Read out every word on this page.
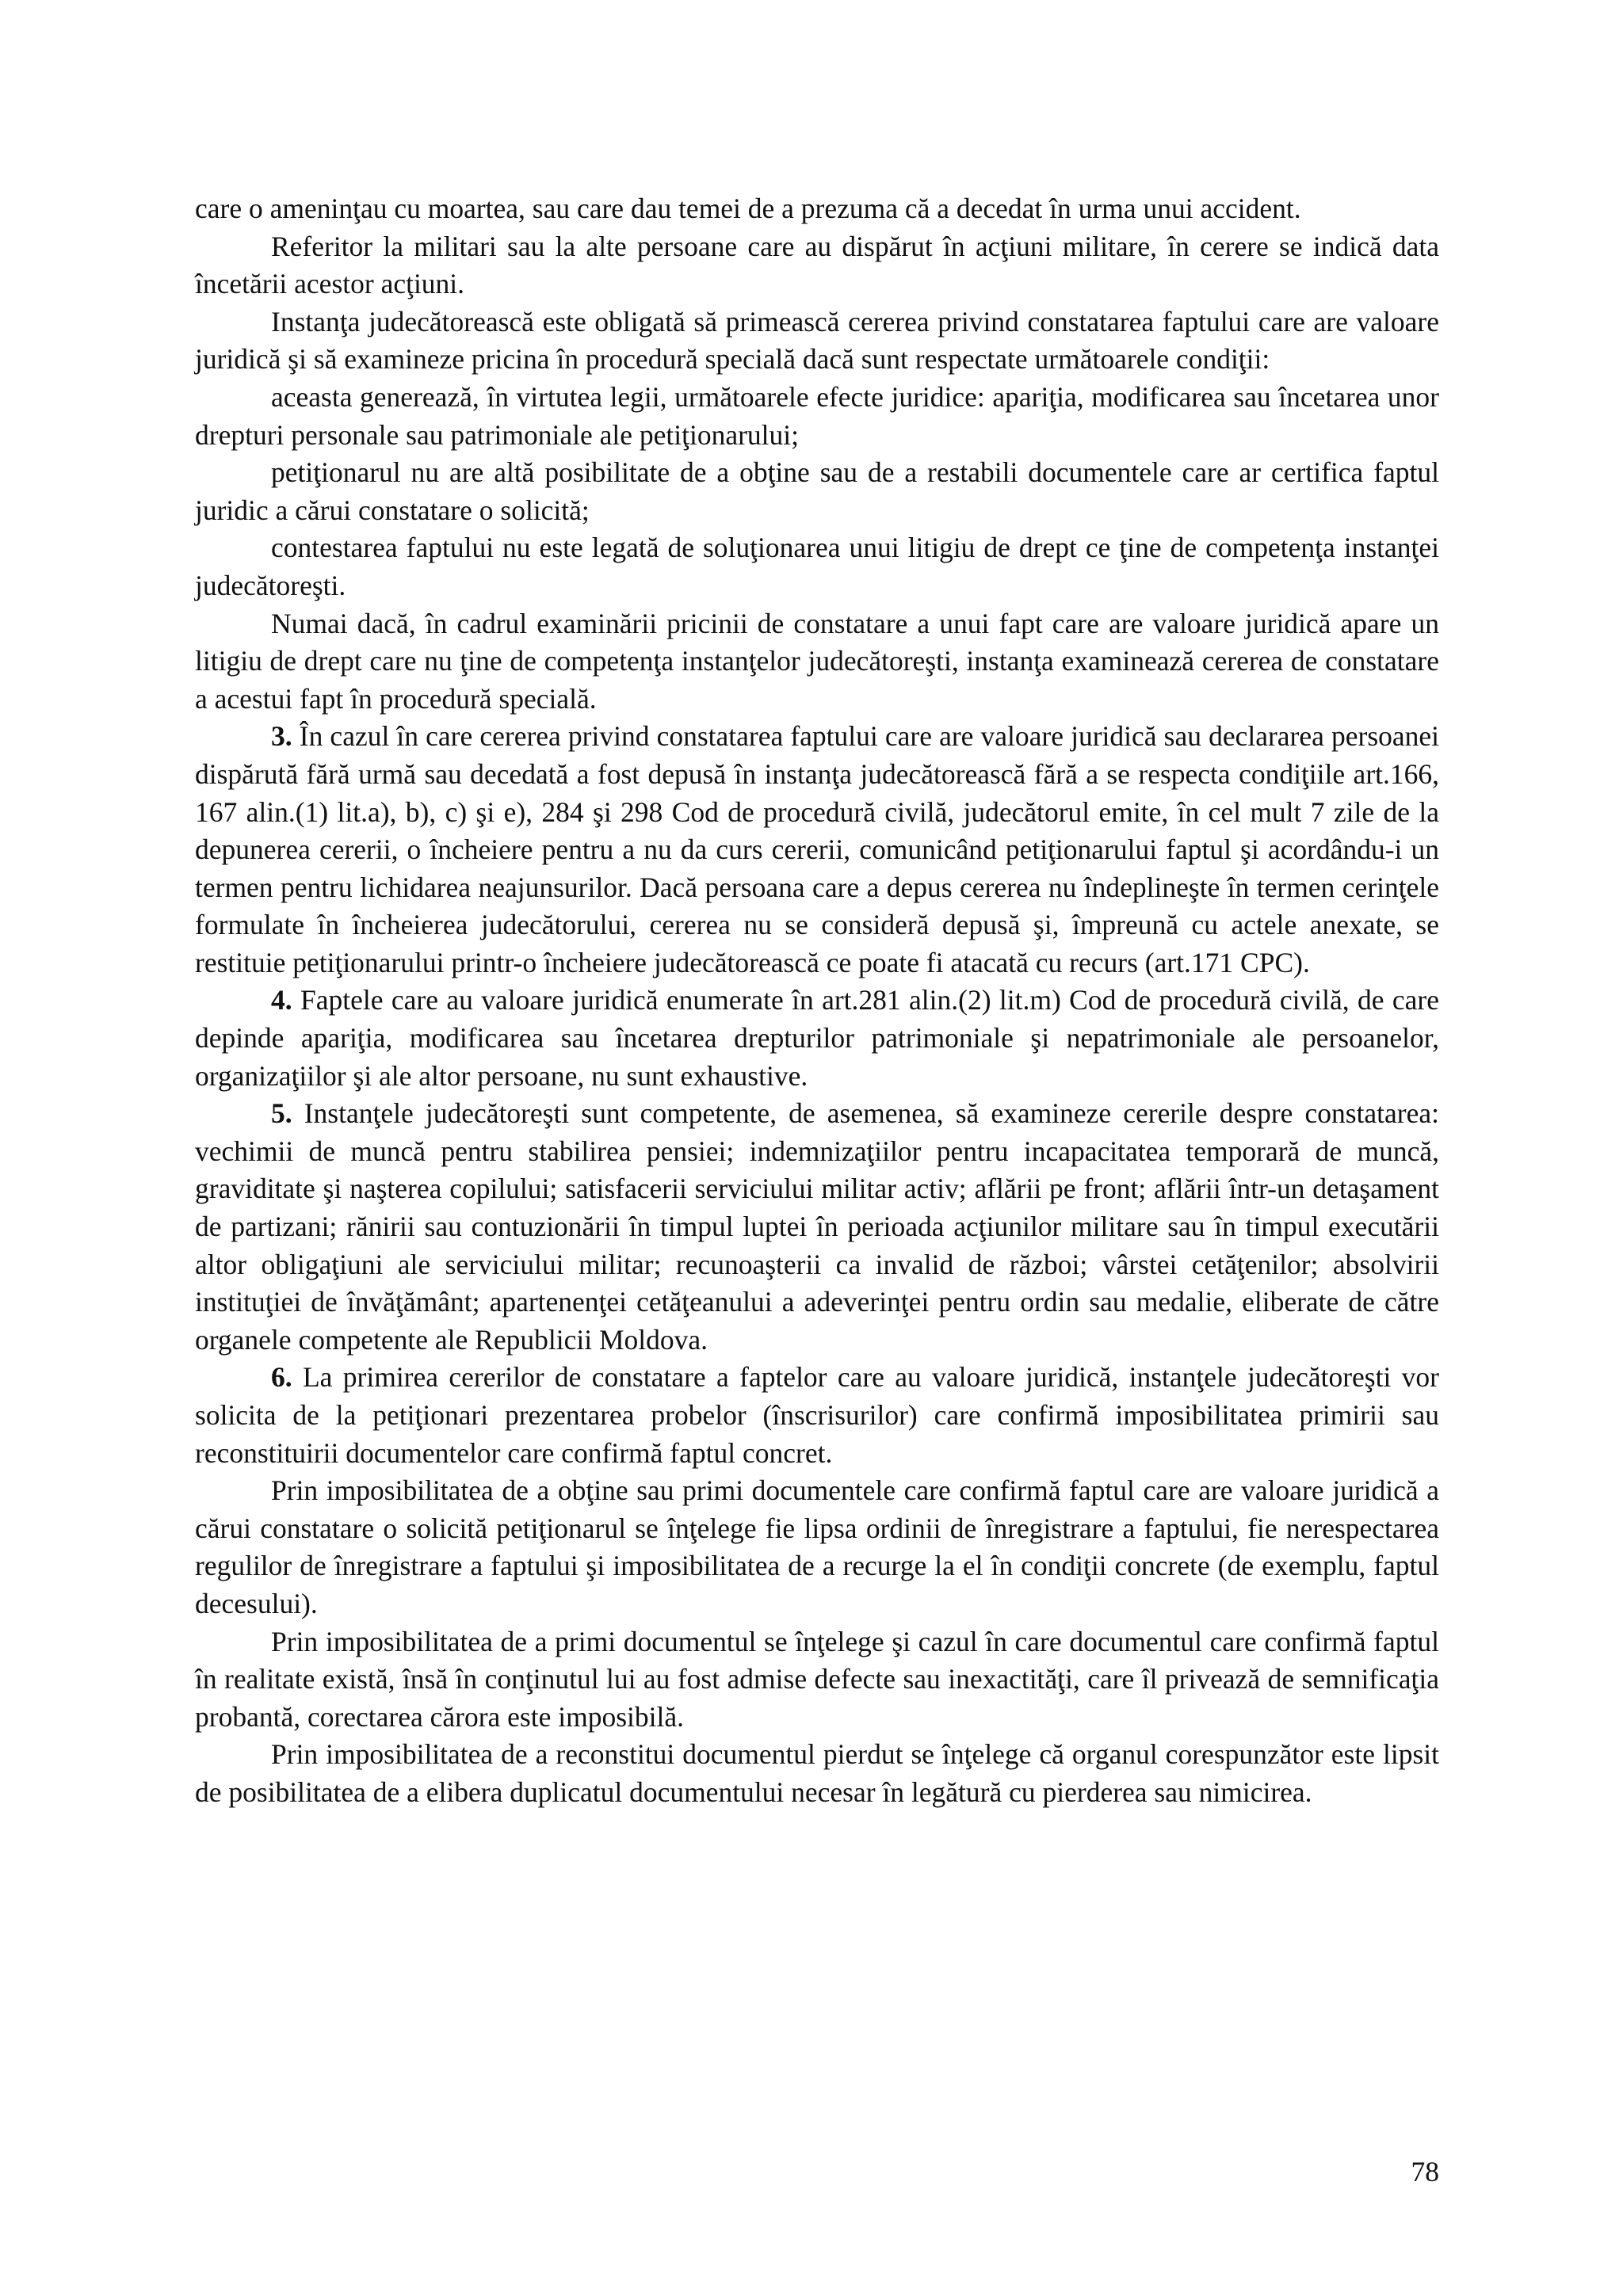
care o ameninţau cu moartea, sau care dau temei de a prezuma că a decedat în urma unui accident.

Referitor la militari sau la alte persoane care au dispărut în acţiuni militare, în cerere se indică data încetării acestor acţiuni.

Instanţa judecătorească este obligată să primească cererea privind constatarea faptului care are valoare juridică şi să examineze pricina în procedură specială dacă sunt respectate următoarele condiţii:

aceasta generează, în virtutea legii, următoarele efecte juridice: apariţia, modificarea sau încetarea unor drepturi personale sau patrimoniale ale petiţionarului;

petiţionarul nu are altă posibilitate de a obţine sau de a restabili documentele care ar certifica faptul juridic a cărui constatare o solicită;

contestarea faptului nu este legată de soluţionarea unui litigiu de drept ce ţine de competenţa instanţei judecătoreşti.

Numai dacă, în cadrul examinării pricinii de constatare a unui fapt care are valoare juridică apare un litigiu de drept care nu ţine de competenţa instanţelor judecătoreşti, instanţa examinează cererea de constatare a acestui fapt în procedură specială.

3. În cazul în care cererea privind constatarea faptului care are valoare juridică sau declararea persoanei dispărută fără urmă sau decedată a fost depusă în instanţa judecătorească fără a se respecta condiţiile art.166, 167 alin.(1) lit.a), b), c) şi e), 284 şi 298 Cod de procedură civilă, judecătorul emite, în cel mult 7 zile de la depunerea cererii, o încheiere pentru a nu da curs cererii, comunicând petiţionarului faptul şi acordându-i un termen pentru lichidarea neajunsurilor. Dacă persoana care a depus cererea nu îndeplineşte în termen cerinţele formulate în încheierea judecătorului, cererea nu se consideră depusă şi, împreună cu actele anexate, se restituie petiţionarului printr-o încheiere judecătorească ce poate fi atacată cu recurs (art.171 CPC).

4. Faptele care au valoare juridică enumerate în art.281 alin.(2) lit.m) Cod de procedură civilă, de care depinde apariţia, modificarea sau încetarea drepturilor patrimoniale şi nepatrimoniale ale persoanelor, organizaţiilor şi ale altor persoane, nu sunt exhaustive.

5. Instanţele judecătoreşti sunt competente, de asemenea, să examineze cererile despre constatarea: vechimii de muncă pentru stabilirea pensiei; indemnizaţiilor pentru incapacitatea temporară de muncă, graviditate şi naşterea copilului; satisfacerii serviciului militar activ; aflării pe front; aflării într-un detaşament de partizani; rănirii sau contuzionării în timpul luptei în perioada acţiunilor militare sau în timpul executării altor obligaţiuni ale serviciului militar; recunoaşterii ca invalid de război; vârstei cetăţenilor; absolvirii instituţiei de învăţământ; apartenenţei cetăţeanului a adeverinţei pentru ordin sau medalie, eliberate de către organele competente ale Republicii Moldova.

6. La primirea cererilor de constatare a faptelor care au valoare juridică, instanţele judecătoreşti vor solicita de la petiţionari prezentarea probelor (înscrisurilor) care confirmă imposibilitatea primirii sau reconstituirii documentelor care confirmă faptul concret.

Prin imposibilitatea de a obţine sau primi documentele care confirmă faptul care are valoare juridică a cărui constatare o solicită petiţionarul se înţelege fie lipsa ordinii de înregistrare a faptului, fie nerespectarea regulilor de înregistrare a faptului şi imposibilitatea de a recurge la el în condiţii concrete (de exemplu, faptul decesului).

Prin imposibilitatea de a primi documentul se înţelege şi cazul în care documentul care confirmă faptul în realitate există, însă în conţinutul lui au fost admise defecte sau inexactităţi, care îl privează de semnificaţia probantă, corectarea cărora este imposibilă.

Prin imposibilitatea de a reconstitui documentul pierdut se înţelege că organul corespunzător este lipsit de posibilitatea de a elibera duplicatul documentului necesar în legătură cu pierderea sau nimicirea.

78
